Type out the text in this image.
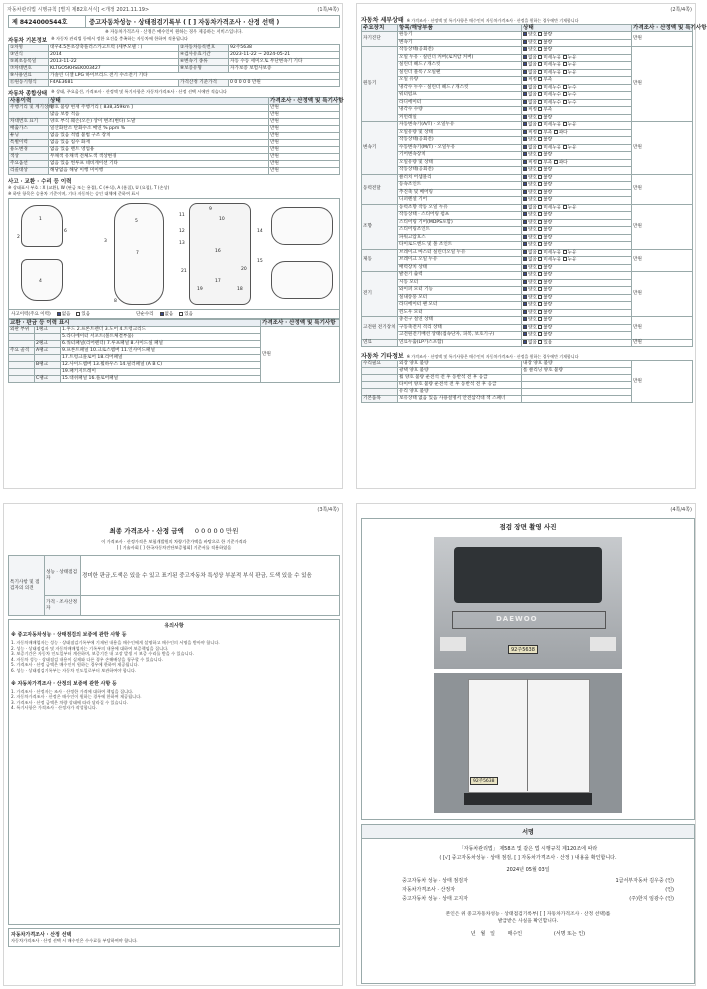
자동차관리법 시행규칙 [별지 제82호서식] <개정 2021.11.19>	(1쪽/4쪽)
제 8424000544호	중고자동차성능 · 상태점검기록부 ( [ ] 자동차가격조사 · 산정 선택 )
※ 자동차가격조사 · 산정은 매수인이 원하는 경우 제공하는 서비스입니다.
자동차 기본정보 ※ 자동차 관리법 등에서 정한 요건을 충족하는 자동차에 한하여 적용됩니다
①차명	대우4.5톤초장축플러스카고트럭 (세부모델 : )	②자동차등록번호	92주5638
③연식	2014	④검사유효기간	2023-11-22 ~ 2024-05-21
⑤최초등록일	2013-11-22	⑥변속기 종류	자동 수동 세미오토 무단변속기 기타
⑦차대번호	KLTGO5KHSEK003427	⑧보증유형	자가보증 보험사보증
⑨사용연료	가솔린 디젤 LPG 하이브리드 전기 수소전기 기타		
⑪원동기형식	F4AE3681	가격산정 기준가격	0 0 0 0 0 만원
자동차 종합상태 ※ 상태, 주요옵션, 가격조사 · 산정액 및 특기사항은 자동차가격조사 · 산정 선택 시에만 적습니다
사용이력	상태	가격조사 · 산정액 및 특기사항
주행거리 및 계기상태	양호 불량 현재 주행거리 [ 838,359km ]	만원
	많음 보통 적음	만원
차대번호 표기	양호 부식 훼손(오손) 상이 변조(변타) 도말	만원
배출가스	일산화탄소 탄화수소 매연 % ppm %	만원
튜닝	없음 있음 적법 불법 구조 장치	만원
특별이력	없음 있음 침수 화재	만원
용도변경	없음 있음 렌트 영업용	만원
색상	무채색 유채색 전체도색 색상변경	만원
주요옵션	없음 있음 썬루프 네비게이션 기타	만원
리콜대상	해당없음 해당 이행 미이행	만원
사고 · 교환 · 수리 등 이력
※ 상태표시 부호 : X (교환), W (판금 또는 용접), C (부식), A (흠집), U (요철), T (손상)
※ 하단 항목은 승용차 기준이며, 기타 자동차는 승인 대체에 준하여 표시
1
2
3
4
5
6
7
8
9
10
11
12
13
14
15
16
17
18
19
20
21
사고이력(주요 이력)	없음	있음	단순수리	없음	있음
교환 · 판금 등 이력 표시			가격조사 · 산정액 및 특기사항
외판 부위	1랭크	1.후드 2.프론트펜더 3.도어 4.트렁크리드	만원
		5.라디에이터 서포트(볼트체결부품)	
	2랭크	6.쿼터패널(리어펜더) 7.루프패널 8.사이드실 패널	
주요 골격	A랭크	9.프론트패널 10.크로스멤버 11.인사이드패널	
		17.트렁크플로어 18.리어패널	
	B랭크	12.사이드멤버 13.휠하우스 14.필러패널 (A B C)	
		19.패키지트레이	
	C랭크	15.대쉬패널 16.플로어패널	
(2쪽/4쪽)
자동차 세부상태 ※ 가격조사 · 산정액 및 특기사항은 매수인이 자동차가격조사 · 산정을 원하는 경우에만 기재합니다
주요장치	항목/해당부품	상태	가격조사 · 산정액 및 특기사항
자기진단	원동기	양호 불량	만원
	변속기	양호 불량	
원동기	작동상태(공회전)	양호 불량	만원
	오일 누유 · 실린더 커버(로커암 커버)	없음 미세누유 누유	
	실린더 헤드 / 개스킷	없음 미세누유 누유	
	실린더 블록 / 오일팬	없음 미세누유 누유	
	오일 유량	적정 부족	
	냉각수 누수 · 실린더 헤드 / 개스킷	없음 미세누수 누수	
	워터펌프	없음 미세누수 누수	
	라디에이터	없음 미세누수 누수	
	냉각수 수량	적정 부족	
	커먼레일	양호 불량	
변속기	자동변속기(A/T) · 오일누유	없음 미세누유 누유	만원
	오일유량 및 상태	적정 부족 과다	
	작동상태(공회전)	양호 불량	
	수동변속기(M/T) · 오일누유	없음 미세누유 누유	
	기어변속장치	양호 불량	
	오일유량 및 상태	적정 부족 과다	
	작동상태(공회전)	양호 불량	
동력전달	클러치 어셈블리	양호 불량	만원
	등속조인트	양호 불량	
	추진축 및 베어링	양호 불량	
	디퍼렌셜 기어	양호 불량	
조향	동력조향 작동 오일 누유	없음 미세누유 누유	만원
	작동상태 · 스티어링 펌프	양호 불량	
	스티어링 기어(MDPS포함)	양호 불량	
	스티어링조인트	양호 불량	
	파워고압호스	양호 불량	
	타이로드엔드 및 볼 조인트	양호 불량	
제동	브레이크 마스터 실린더오일 누유	없음 미세누유 누유	만원
	브레이크 오일 누유	없음 미세누유 누유	
	배력장치 상태	양호 불량	
전기	발전기 출력	양호 불량	만원
	시동 모터	양호 불량	
	와이퍼 모터 기능	양호 불량	
	실내송풍 모터	양호 불량	
	라디에이터 팬 모터	양호 불량	
	윈도우 모터	양호 불량	
고전원 전기장치	충전구 절연 상태	양호 불량	만원
	구동축전지 격리 상태	양호 불량	
	고전원전기배선 상태(접속단자, 피복, 보호기구)	양호 불량	
연료	연료누출(LP가스포함)	없음 있음	만원
자동차 기타정보 ※ 가격조사 · 산정액 및 특기사항은 매수인이 자동차가격조사 · 산정을 원하는 경우에만 기재합니다
수리필요	외장 양호 불량	내장 양호 불량	만원
	광택 양호 불량	룸 클리닝 양호 불량	
	휠 양호 불량 운전석 전 후 동반석 전 후 응급		
	타이어 양호 불량 운전석 전 후 동반석 전 후 응급		
	유리 양호 불량		
기본품목	보유상태 없음 있음 사용설명서 안전삼각대 잭 스패너		
(3쪽/4쪽)
최종 가격조사 · 산정 금액 0 0 0 0 0 만원
이 가격조사 · 산정가격은 보험개발원의 차량기준가액을 바탕으로 한 기준가격과
[ ] 기술사회 [ ] 한국자동차진단보증협회] 기준서를 적용하였음
특기사항 및 점검자의 의견	성능 · 상태점검자	경미한 판금,도색은 있을 수 있고 표기된 중고자동차 특성상 부분적 부식 판금, 도색 있을 수 있음
	가격 · 조사산정자	
유의사항
※ 중고자동차성능 · 상태점검의 보증에 관한 사항 등

1. 자동차매매업자는 성능 · 상태점검기록부에 기재된 내용을 매수인에게 설명하고 매수인의 서명을 받아야 합니다.

2. 성능 · 상태점검자 및 자동차매매업자는 기록부의 내용에 대하여 보증책임을 집니다.

3. 보증기간은 자동차 인도일부터 계산하며, 보증기간 내 고장 발생 시 보증 수리를 받을 수 있습니다.

4. 자동차 성능 · 상태점검 내용이 실제와 다른 경우 손해배상을 청구할 수 있습니다.

5. 가격조사 · 산정 금액은 매수인이 원하는 경우에 한하여 제공됩니다.

6. 성능 · 상태점검기록부는 자동차 인도일로부터 보관하여야 합니다.

※ 자동차가격조사 · 산정의 보증에 관한 사항 등

1. 가격조사 · 산정자는 조사 · 산정한 가격에 대하여 책임을 집니다.

2. 자동차가격조사 · 산정은 매수인이 원하는 경우에 한하여 제공됩니다.

3. 가격조사 · 산정 금액은 차량 상태에 따라 달라질 수 있습니다.

4. 특기사항은 가격조사 · 산정자가 작성합니다.

자동차가격조사 · 산정 선택
자동차가격조사 · 산정 선택 시 매수인은 수수료를 부담하여야 합니다.
(4쪽/4쪽)
점검 장면 촬영 사진
DAEWOO
92주5638
92주5638
서명
「자동차관리법」 제58조 및 같은 법 시행규칙 제120조에 따라
( [√] 중고자동차성능 · 상태 점검, [ ] 자동차가격조사 · 산정 ) 내용을 확인합니다.
2024년 05월 03일
중고자동차 성능 · 상태 점검자	1급서부자동차 김우중 (인)
자동차가격조사 · 산정자	(인)
중고자동차 성능 · 상태 고지자	(주)한지 임광수 (인)
본인은 위 중고자동차성능 · 상태점검기록부( [ ] 자동차가격조사 · 산정 선택)를
발급받은 사실을 확인합니다.
년   월   일        매수인                    (서명 또는 인)
